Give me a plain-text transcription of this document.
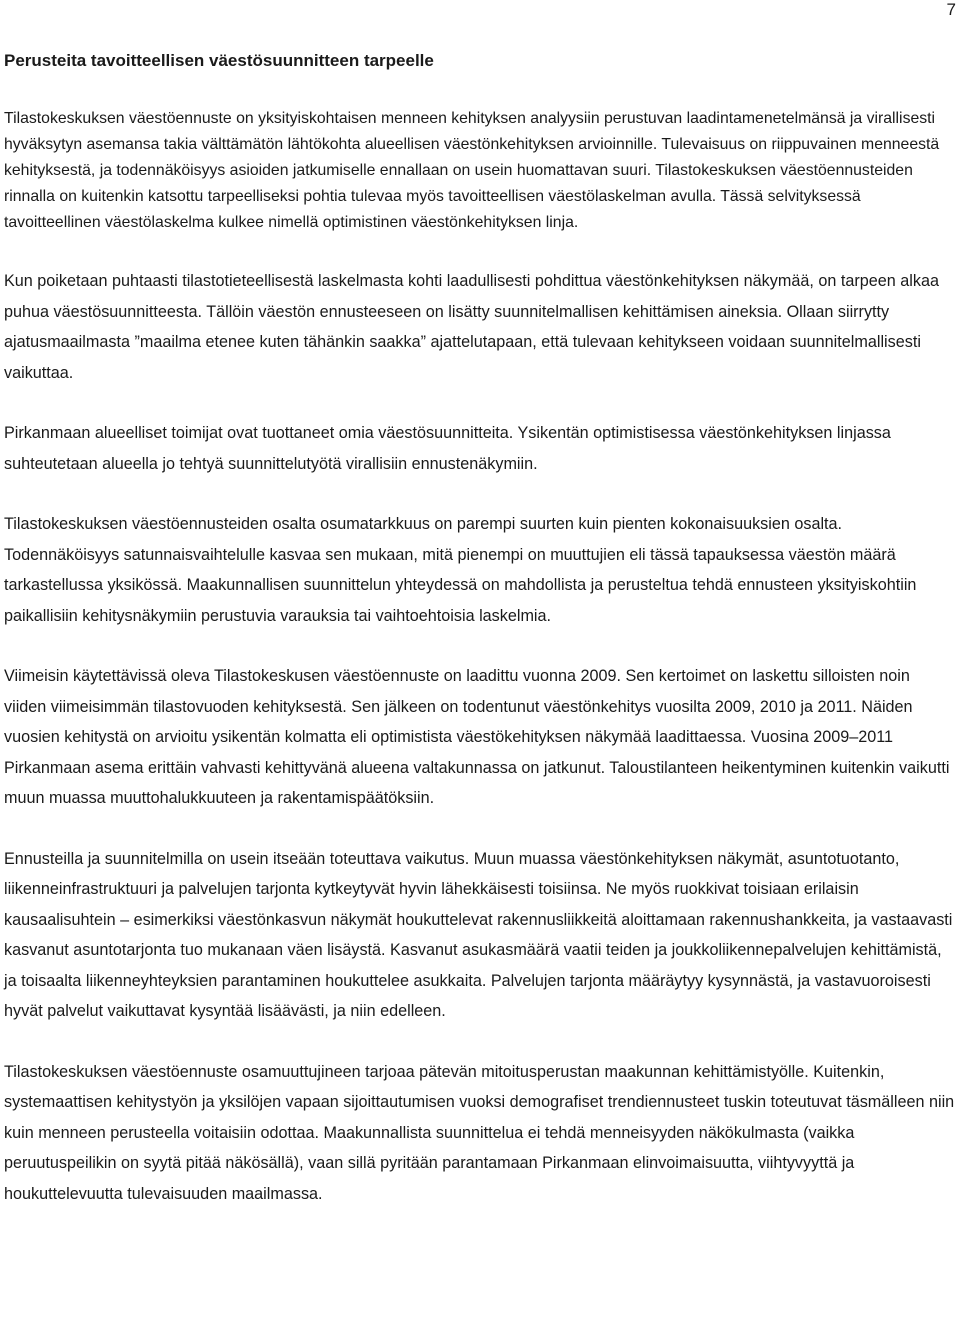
7
Perusteita tavoitteellisen väestösuunnitteen tarpeelle

Tilastokeskuksen väestöennuste on yksityiskohtaisen menneen kehityksen analyysiin perustuvan laadintamenetelmänsä ja virallisesti hyväksytyn asemansa takia välttämätön lähtökohta alueellisen väestönkehityksen arvioinnille. Tulevaisuus on riippuvainen menneestä kehityksestä, ja todennäköisyys asioiden jatkumiselle ennallaan on usein huomattavan suuri. Tilastokeskuksen väestöennusteiden rinnalla on kuitenkin katsottu tarpeelliseksi pohtia tulevaa myös tavoitteellisen väestölaskelman avulla. Tässä selvityksessä tavoitteellinen väestölaskelma kulkee nimellä optimistinen väestönkehityksen linja.

Kun poiketaan puhtaasti tilastotieteellisestä laskelmasta kohti laadullisesti pohdittua väestönkehityksen näkymää, on tarpeen alkaa puhua väestösuunnitteesta. Tällöin väestön ennusteeseen on lisätty suunnitelmallisen kehittämisen aineksia. Ollaan siirrytty ajatusmaailmasta ”maailma etenee kuten tähänkin saakka” ajattelutapaan, että tulevaan kehitykseen voidaan suunnitelmallisesti vaikuttaa.

Pirkanmaan alueelliset toimijat ovat tuottaneet omia väestösuunnitteita. Ysikentän optimistisessa väestönkehityksen linjassa suhteutetaan alueella jo tehtyä suunnittelutyötä virallisiin ennustenäkymiin.

Tilastokeskuksen väestöennusteiden osalta osumatarkkuus on parempi suurten kuin pienten kokonaisuuksien osalta. Todennäköisyys satunnaisvaihtelulle kasvaa sen mukaan, mitä pienempi on muuttujien eli tässä tapauksessa väestön määrä tarkastellussa yksikössä. Maakunnallisen suunnittelun yhteydessä on mahdollista ja perusteltua tehdä ennusteen yksityiskohtiin paikallisiin kehitysnäkymiin perustuvia varauksia tai vaihtoehtoisia laskelmia.

Viimeisin käytettävissä oleva Tilastokeskusen väestöennuste on laadittu vuonna 2009. Sen kertoimet on laskettu silloisten noin viiden viimeisimmän tilastovuoden kehityksestä. Sen jälkeen on todentunut väestönkehitys vuosilta 2009, 2010 ja 2011. Näiden vuosien kehitystä on arvioitu ysikentän kolmatta eli optimistista väestökehityksen näkymää laadittaessa. Vuosina 2009–2011 Pirkanmaan asema erittäin vahvasti kehittyvänä alueena valtakunnassa on jatkunut. Taloustilanteen heikentyminen kuitenkin vaikutti muun muassa muuttohalukkuuteen ja rakentamispäätöksiin.

Ennusteilla ja suunnitelmilla on usein itseään toteuttava vaikutus. Muun muassa väestönkehityksen näkymät, asuntotuotanto, liikenneinfrastruktuuri ja palvelujen tarjonta kytkeytyvät hyvin lähekkäisesti toisiinsa. Ne myös ruokkivat toisiaan erilaisin kausaalisuhtein – esimerkiksi väestönkasvun näkymät houkuttelevat rakennusliikkeitä aloittamaan rakennushankkeita, ja vastaavasti kasvanut asuntotarjonta tuo mukanaan väen lisäystä. Kasvanut asukasmäärä vaatii teiden ja joukkoliikennepalvelujen kehittämistä, ja toisaalta liikenneyhteyksien parantaminen houkuttelee asukkaita. Palvelujen tarjonta määräytyy kysynnästä, ja vastavuoroisesti hyvät palvelut vaikuttavat kysyntää lisäävästi, ja niin edelleen.

Tilastokeskuksen väestöennuste osamuuttujineen tarjoaa pätevän mitoitusperustan maakunnan kehittämistyölle. Kuitenkin, systemaattisen kehitystyön ja yksilöjen vapaan sijoittautumisen vuoksi demografiset trendiennusteet tuskin toteutuvat täsmälleen niin kuin menneen perusteella voitaisiin odottaa. Maakunnallista suunnittelua ei tehdä menneisyyden näkökulmasta (vaikka peruutuspeilikin on syytä pitää näkösällä), vaan sillä pyritään parantamaan Pirkanmaan elinvoimaisuutta, viihtyvyyttä ja houkuttelevuutta tulevaisuuden maailmassa.
